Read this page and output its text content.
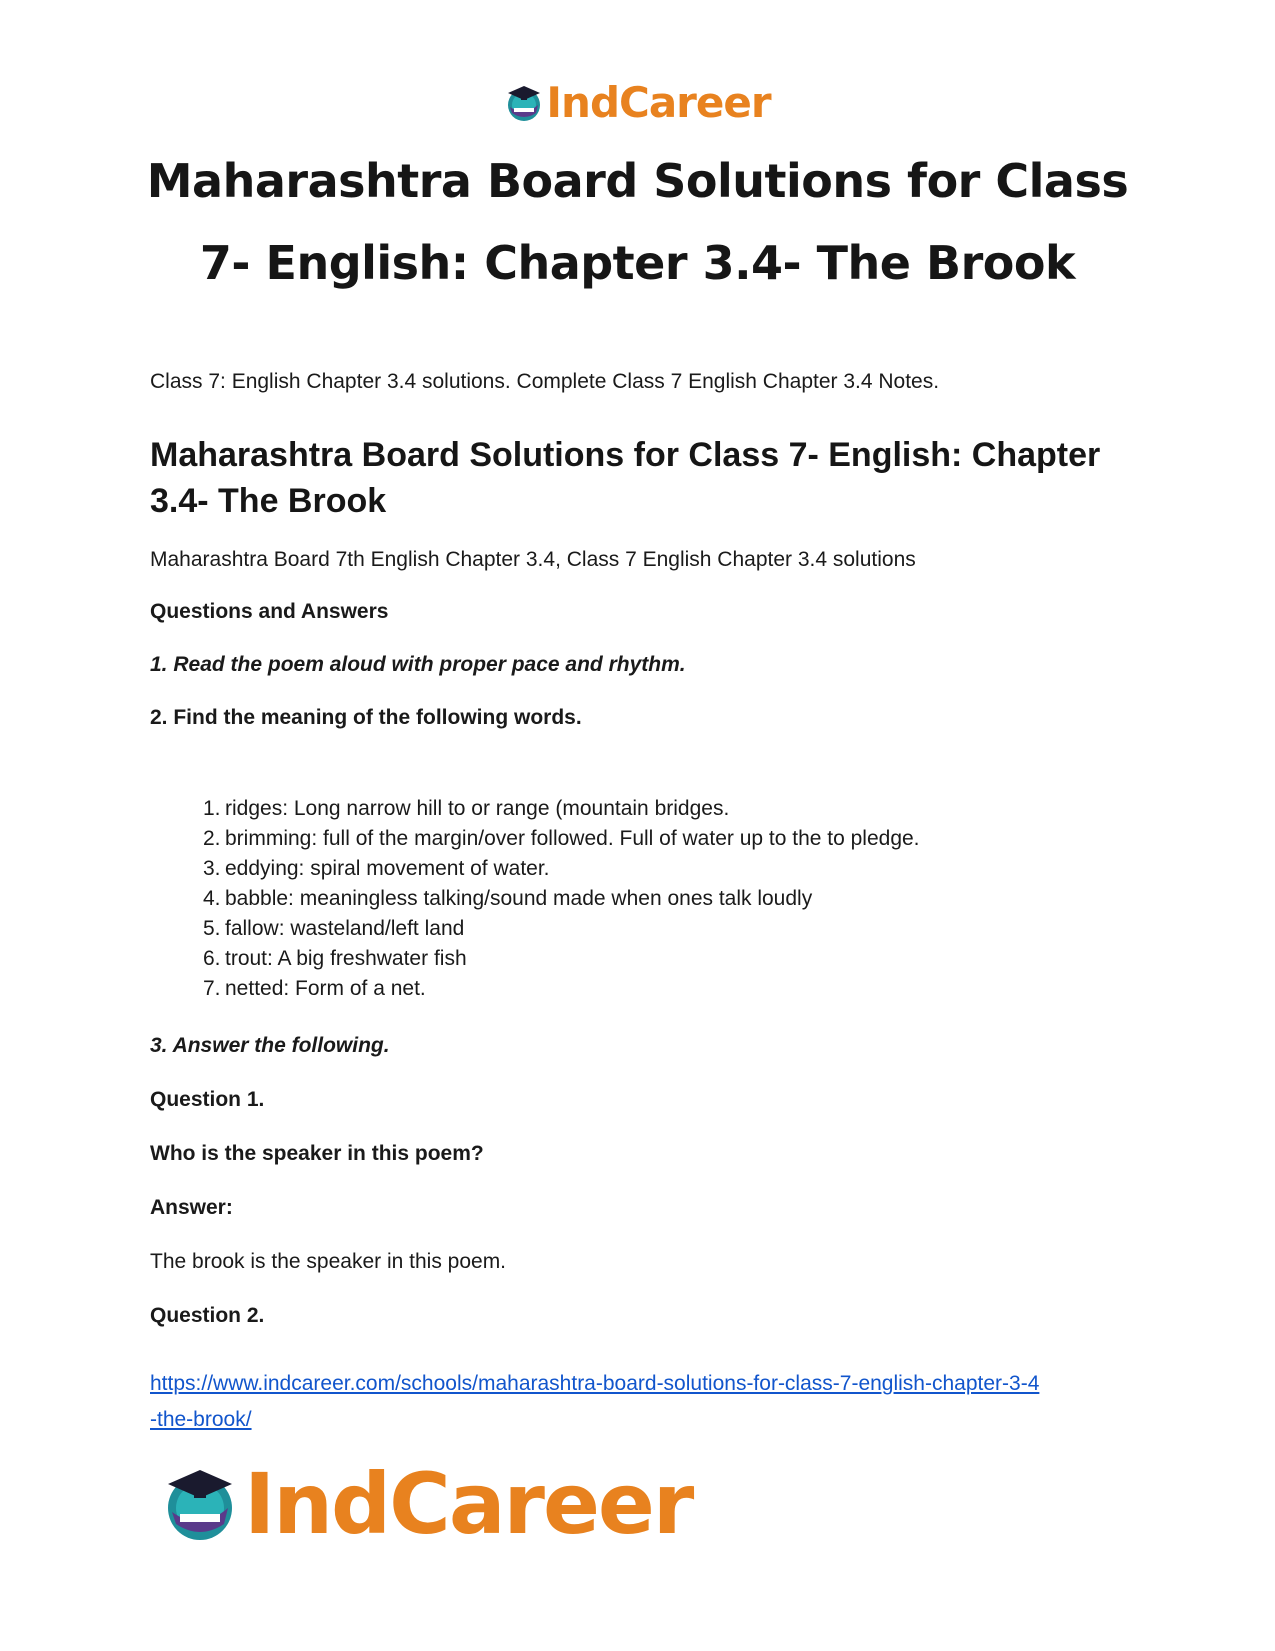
IndCareer
Maharashtra Board Solutions for Class 7- English: Chapter 3.4- The Brook

Class 7: English Chapter 3.4 solutions. Complete Class 7 English Chapter 3.4 Notes.

Maharashtra Board Solutions for Class 7- English: Chapter 3.4- The Brook

Maharashtra Board 7th English Chapter 3.4, Class 7 English Chapter 3.4 solutions

Questions and Answers

1. Read the poem aloud with proper pace and rhythm.

2. Find the meaning of the following words.

1. ridges: Long narrow hill to or range (mountain bridges.
2. brimming: full of the margin/over followed. Full of water up to the to pledge.
3. eddying: spiral movement of water.
4. babble: meaningless talking/sound made when ones talk loudly
5. fallow: wasteland/left land
6. trout: A big freshwater fish
7. netted: Form of a net.

3. Answer the following.

Question 1.

Who is the speaker in this poem?

Answer:

The brook is the speaker in this poem.

Question 2.

https://www.indcareer.com/schools/maharashtra-board-solutions-for-class-7-english-chapter-3-4
-the-brook/
IndCareer
